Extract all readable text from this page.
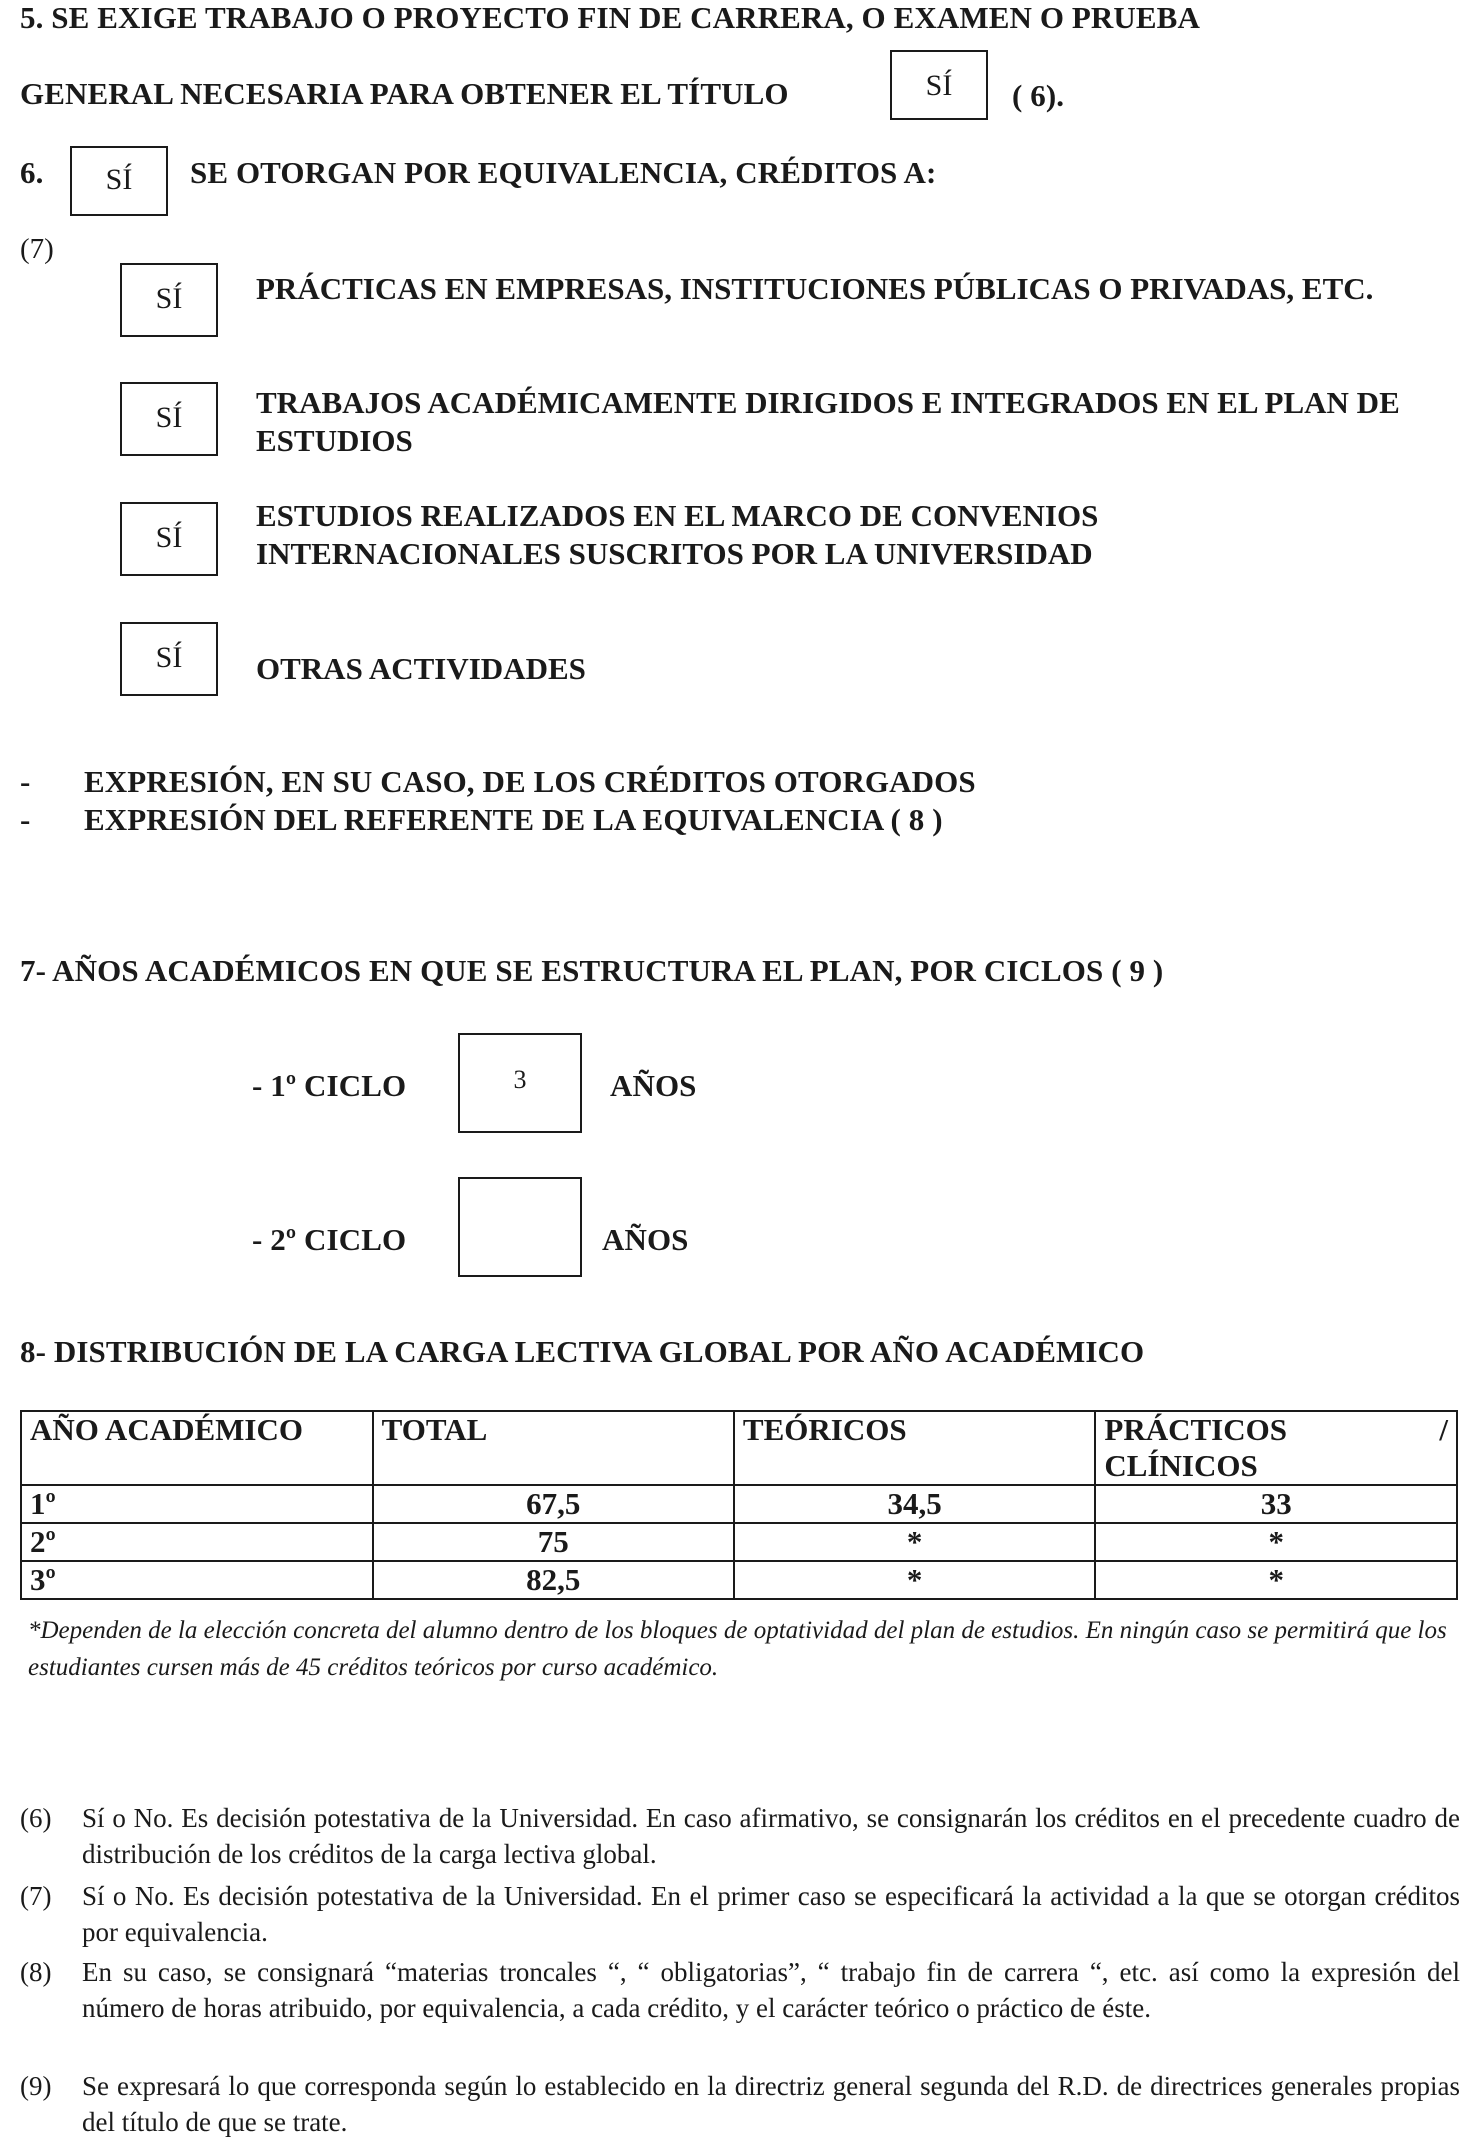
5. SE EXIGE TRABAJO O PROYECTO FIN DE CARRERA, O EXAMEN O PRUEBA
GENERAL NECESARIA PARA OBTENER EL TÍTULO	SÍ	( 6).
6.	SÍ	SE OTORGAN POR EQUIVALENCIA, CRÉDITOS A:
(7)
SÍ	PRÁCTICAS EN EMPRESAS, INSTITUCIONES PÚBLICAS O PRIVADAS, ETC.
SÍ	TRABAJOS ACADÉMICAMENTE DIRIGIDOS E INTEGRADOS EN EL PLAN DE ESTUDIOS
SÍ
ESTUDIOS REALIZADOS EN EL MARCO DE CONVENIOS INTERNACIONALES SUSCRITOS POR LA UNIVERSIDAD
SÍ	OTRAS ACTIVIDADES
- EXPRESIÓN, EN SU CASO, DE LOS CRÉDITOS OTORGADOS
- EXPRESIÓN DEL REFERENTE DE LA EQUIVALENCIA ( 8 )
7- AÑOS ACADÉMICOS EN QUE SE ESTRUCTURA EL PLAN, POR CICLOS ( 9 )
- 1º CICLO	3	AÑOS
- 2º CICLO	AÑOS
8- DISTRIBUCIÓN DE LA CARGA LECTIVA GLOBAL POR AÑO ACADÉMICO
AÑO ACADÉMICO	TOTAL	TEÓRICOS	PRÁCTICOS /
CLÍNICOS

1º	67,5	34,5	33
2º	75	*	*
3º	82,5	*	*
*Dependen de la elección concreta del alumno dentro de los bloques de optatividad del plan de estudios. En ningún caso se permitirá que los estudiantes cursen más de 45 créditos teóricos por curso académico.
(6) Sí o No. Es decisión potestativa de la Universidad. En caso afirmativo, se consignarán los créditos en el precedente cuadro de distribución de los créditos de la carga lectiva global.
(7) Sí o No. Es decisión potestativa de la Universidad. En el primer caso se especificará la actividad a la que se otorgan créditos por equivalencia.
(8) En su caso, se consignará “materias troncales “, “ obligatorias”, “ trabajo fin de carrera “, etc. así como la expresión del número de horas atribuido, por equivalencia, a cada crédito, y el carácter teórico o práctico de éste.
(9) Se expresará lo que corresponda según lo establecido en la directriz general segunda del R.D. de directrices generales propias del título de que se trate.
